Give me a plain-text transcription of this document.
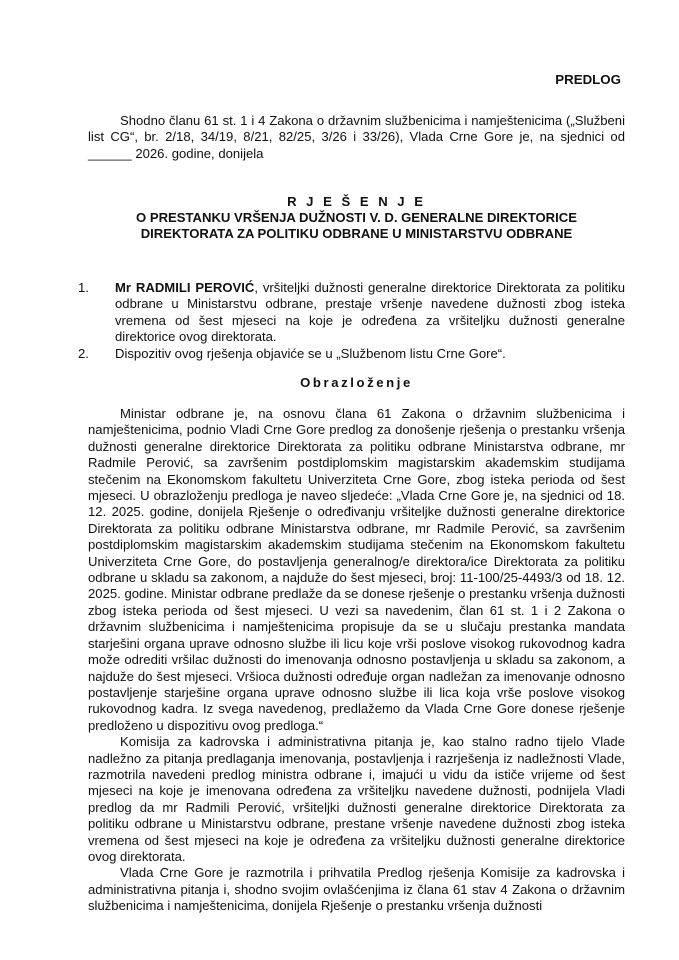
PREDLOG
Shodno članu 61 st. 1 i 4 Zakona o državnim službenicima i namještenicima („Službeni list CG“, br. 2/18, 34/19, 8/21, 82/25, 3/26 i 33/26), Vlada Crne Gore je, na sjednici od ______ 2026. godine, donijela
R J E Š E N J E
O PRESTANKU VRŠENJA DUŽNOSTI V. D. GENERALNE DIREKTORICE
DIREKTORATA ZA POLITIKU ODBRANE U MINISTARSTVU ODBRANE
1. Mr RADMILI PEROVIĆ, vršiteljki dužnosti generalne direktorice Direktorata za politiku odbrane u Ministarstvu odbrane, prestaje vršenje navedene dužnosti zbog isteka vremena od šest mjeseci na koje je određena za vršiteljku dužnosti generalne direktorice ovog direktorata.
2. Dispozitiv ovog rješenja objaviće se u „Službenom listu Crne Gore“.
Obrazloženje

Ministar odbrane je, na osnovu člana 61 Zakona o državnim službenicima i namještenicima, podnio Vladi Crne Gore predlog za donošenje rješenja o prestanku vršenja dužnosti generalne direktorice Direktorata za politiku odbrane Ministarstva odbrane, mr Radmile Perović, sa završenim postdiplomskim magistarskim akademskim studijama stečenim na Ekonomskom fakultetu Univerziteta Crne Gore, zbog isteka perioda od šest mjeseci. U obrazloženju predloga je naveo sljedeće: „Vlada Crne Gore je, na sjednici od 18. 12. 2025. godine, donijela Rješenje o određivanju vršiteljke dužnosti generalne direktorice Direktorata za politiku odbrane Ministarstva odbrane, mr Radmile Perović, sa završenim postdiplomskim magistarskim akademskim studijama stečenim na Ekonomskom fakultetu Univerziteta Crne Gore, do postavljenja generalnog/e direktora/ice Direktorata za politiku odbrane u skladu sa zakonom, a najduže do šest mjeseci, broj: 11-100/25-4493/3 od 18. 12. 2025. godine. Ministar odbrane predlaže da se donese rješenje o prestanku vršenja dužnosti zbog isteka perioda od šest mjeseci. U vezi sa navedenim, član 61 st. 1 i 2 Zakona o državnim službenicima i namještenicima propisuje da se u slučaju prestanka mandata starješini organa uprave odnosno službe ili licu koje vrši poslove visokog rukovodnog kadra može odrediti vršilac dužnosti do imenovanja odnosno postavljenja u skladu sa zakonom, a najduže do šest mjeseci. Vršioca dužnosti određuje organ nadležan za imenovanje odnosno postavljenje starješine organa uprave odnosno službe ili lica koja vrše poslove visokog rukovodnog kadra. Iz svega navedenog, predlažemo da Vlada Crne Gore donese rješenje predloženo u dispozitivu ovog predloga.“

Komisija za kadrovska i administrativna pitanja je, kao stalno radno tijelo Vlade nadležno za pitanja predlaganja imenovanja, postavljenja i razrješenja iz nadležnosti Vlade, razmotrila navedeni predlog ministra odbrane i, imajući u vidu da ističe vrijeme od šest mjeseci na koje je imenovana određena za vršiteljku navedene dužnosti, podnijela Vladi predlog da mr Radmili Perović, vršiteljki dužnosti generalne direktorice Direktorata za politiku odbrane u Ministarstvu odbrane, prestane vršenje navedene dužnosti zbog isteka vremena od šest mjeseci na koje je određena za vršiteljku dužnosti generalne direktorice ovog direktorata.

Vlada Crne Gore je razmotrila i prihvatila Predlog rješenja Komisije za kadrovska i administrativna pitanja i, shodno svojim ovlašćenjima iz člana 61 stav 4 Zakona o državnim službenicima i namještenicima, donijela Rješenje o prestanku vršenja dužnosti
